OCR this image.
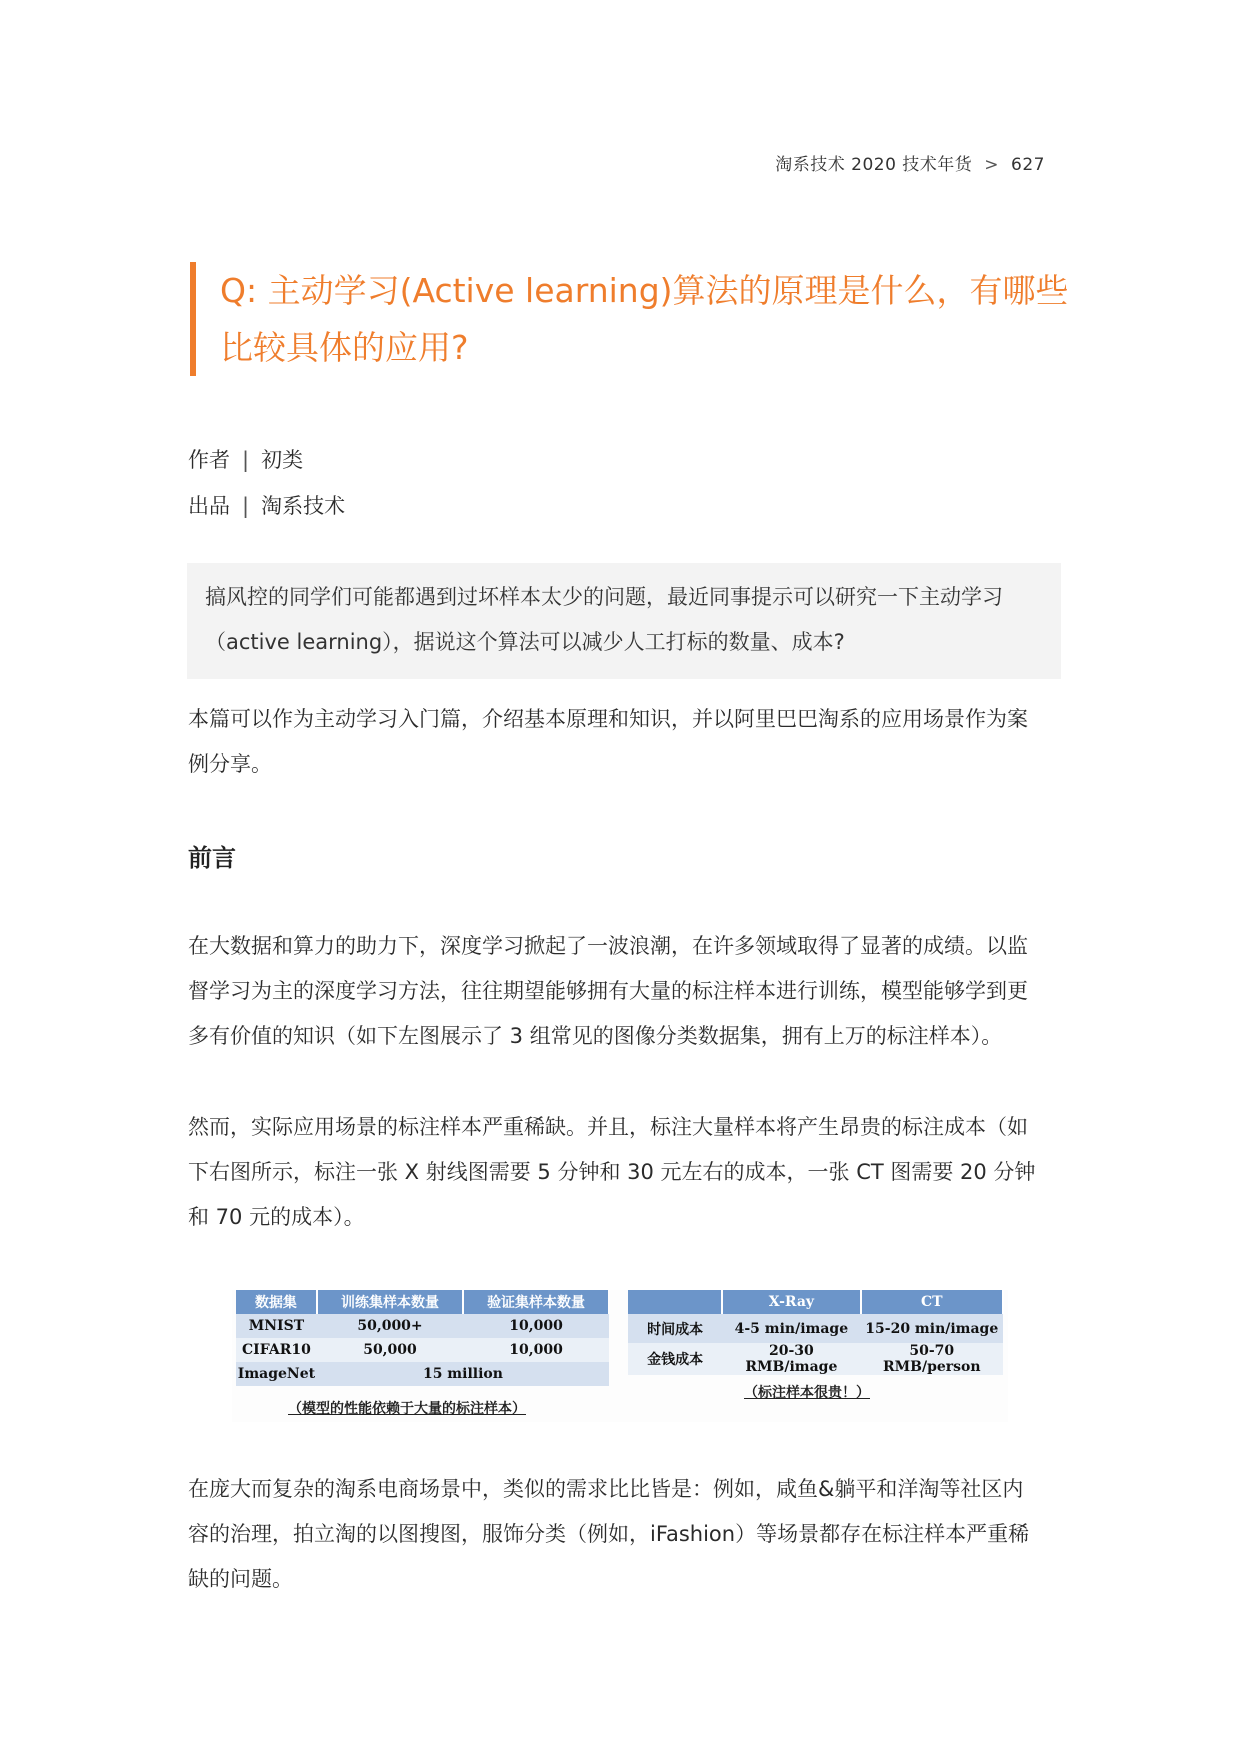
淘系技术 2020 技术年货 > 627
Q: 主动学习(Active learning)算法的原理是什么，有哪些
比较具体的应用?
作者 | 初类
出品 | 淘系技术
搞风控的同学们可能都遇到过坏样本太少的问题，最近同事提示可以研究一下主动学习
（active learning），据说这个算法可以减少人工打标的数量、成本?
本篇可以作为主动学习入门篇，介绍基本原理和知识，并以阿里巴巴淘系的应用场景作为案
例分享。
前言
在大数据和算力的助力下，深度学习掀起了一波浪潮，在许多领域取得了显著的成绩。以监
督学习为主的深度学习方法，往往期望能够拥有大量的标注样本进行训练，模型能够学到更
多有价值的知识（如下左图展示了 3 组常见的图像分类数据集，拥有上万的标注样本）。
然而，实际应用场景的标注样本严重稀缺。并且，标注大量样本将产生昂贵的标注成本（如
下右图所示，标注一张 X 射线图需要 5 分钟和 30 元左右的成本，一张 CT 图需要 20 分钟
和 70 元的成本）。
数据集	训练集样本数量	验证集样本数量
MNIST	50,000+	10,000
CIFAR10	50,000	10,000
ImageNet	15 million	
（模型的性能依赖于大量的标注样本）
	X-Ray	CT
时间成本	4-5 min/image	15-20 min/image
金钱成本	20-30 RMB/image	50-70 RMB/person
（标注样本很贵！）
在庞大而复杂的淘系电商场景中，类似的需求比比皆是：例如，咸鱼&躺平和洋淘等社区内
容的治理，拍立淘的以图搜图，服饰分类（例如，iFashion）等场景都存在标注样本严重稀
缺的问题。
